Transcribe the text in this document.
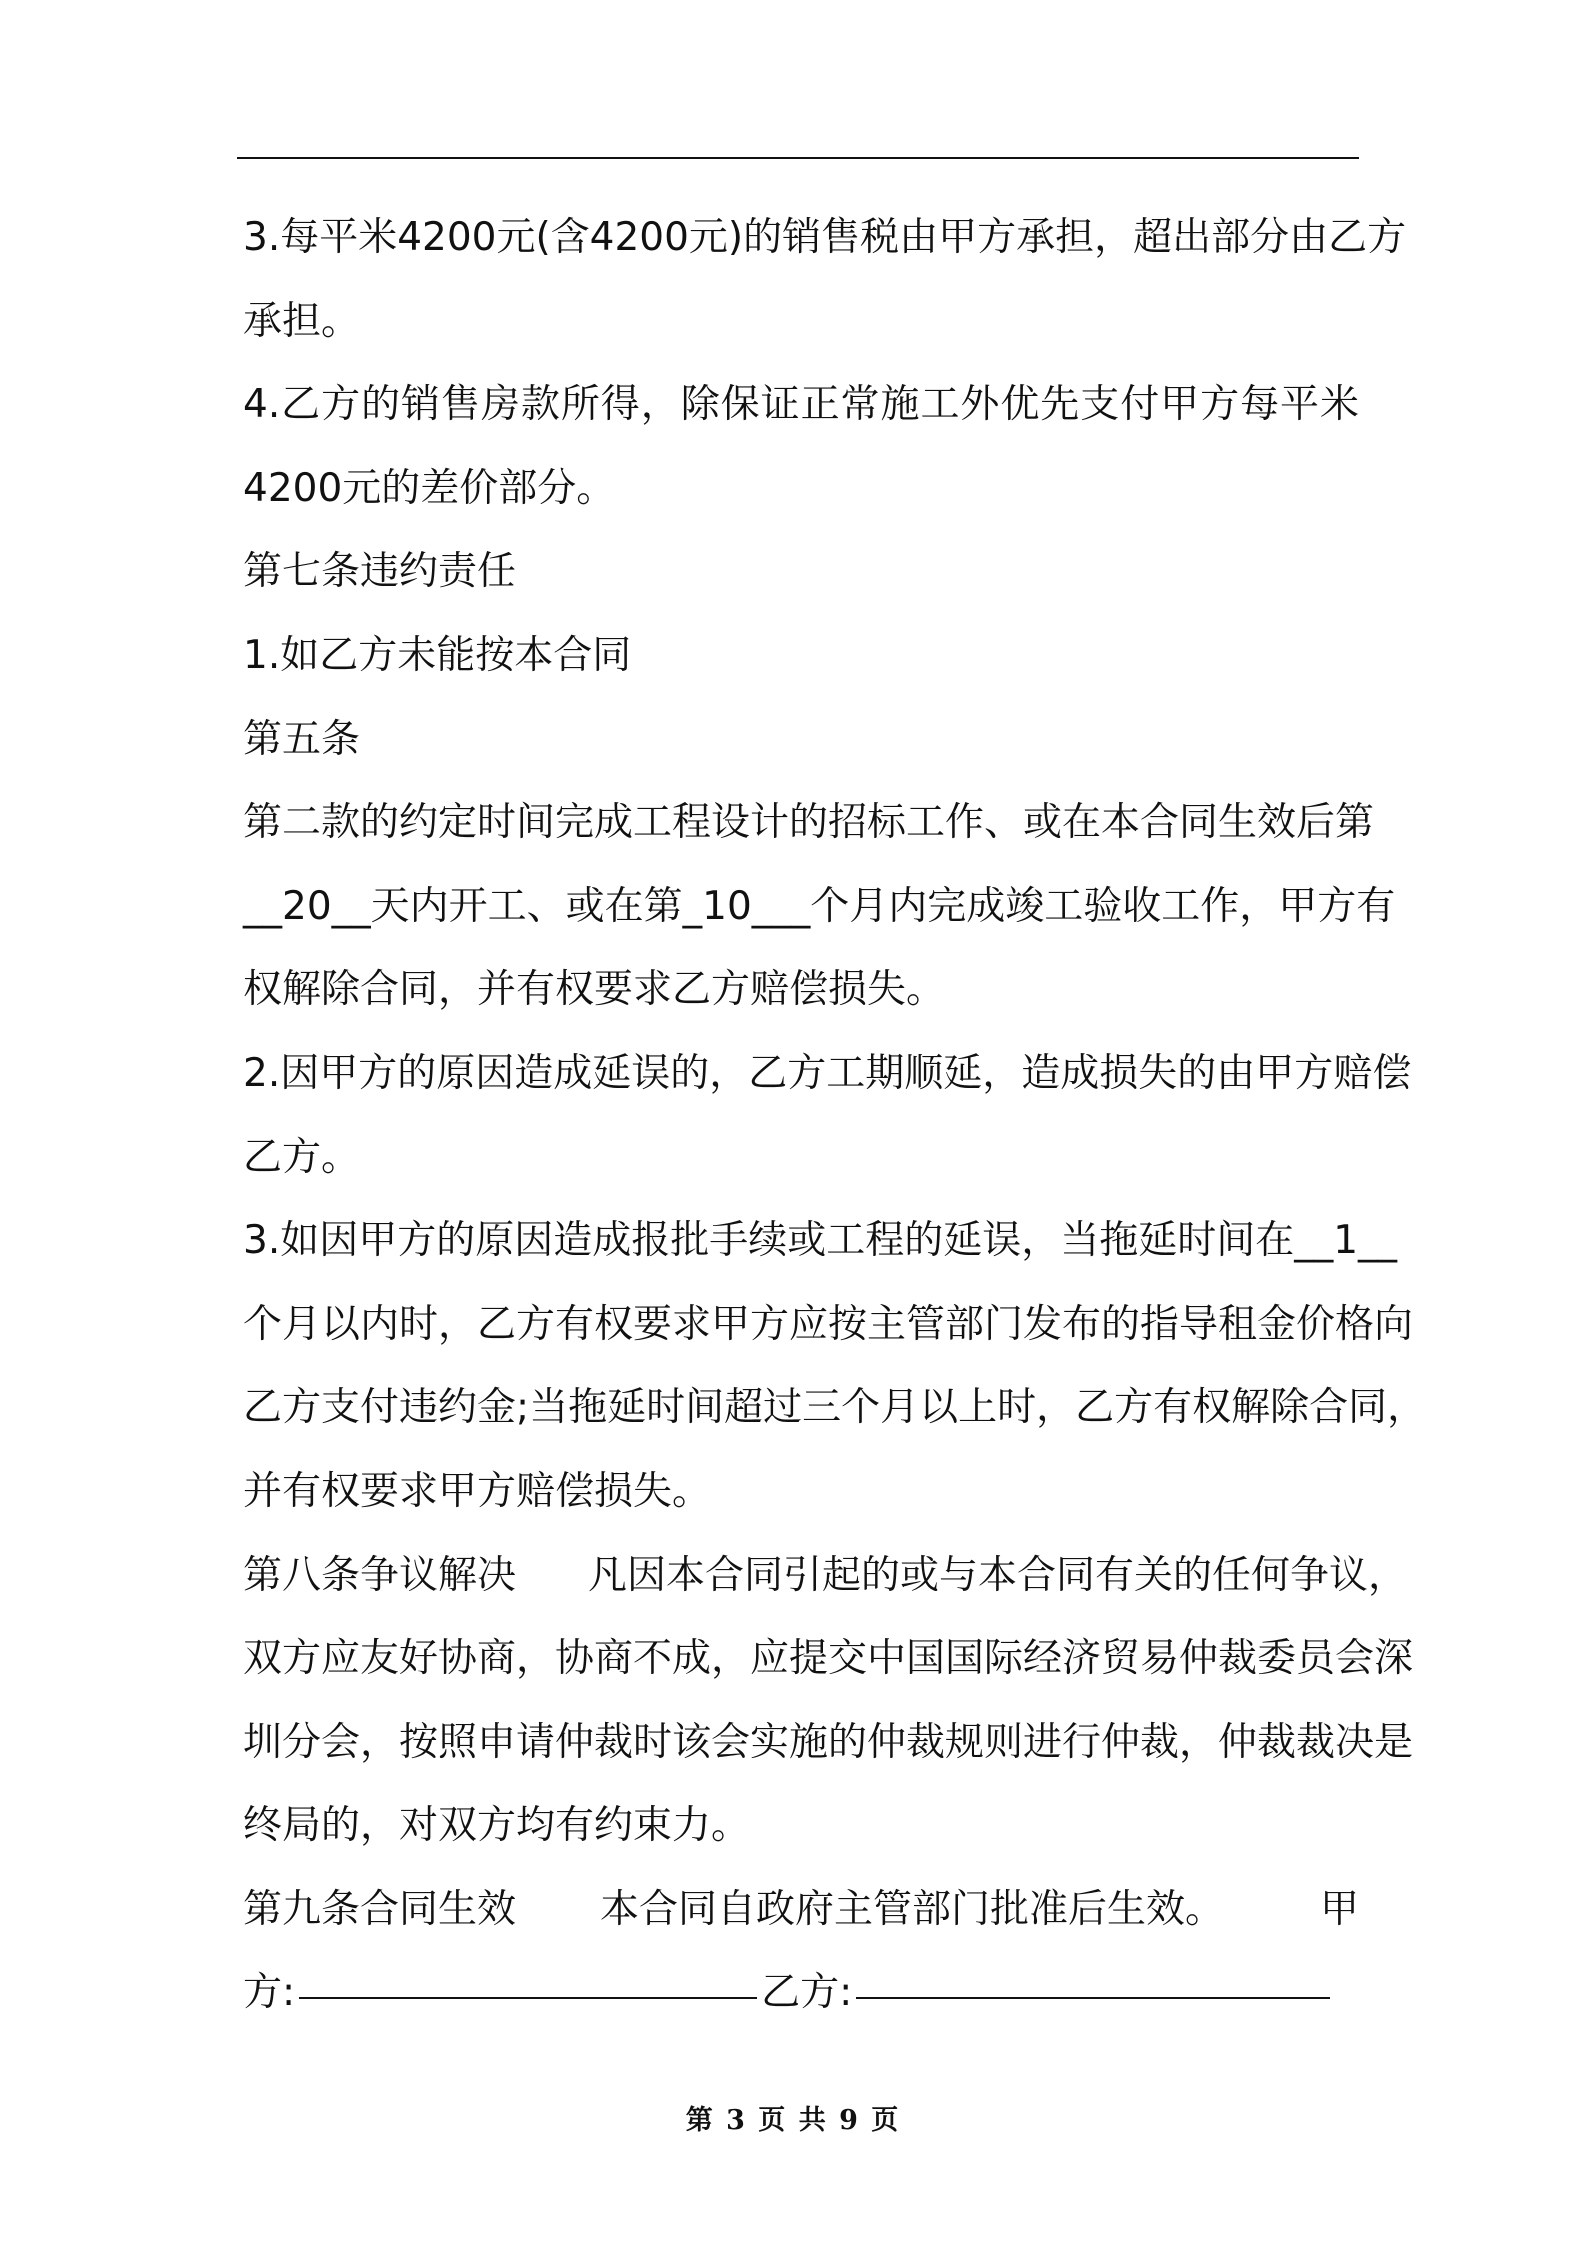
3.每平米4200元(含4200元)的销售税由甲方承担，超出部分由乙方
承担。
4.乙方的销售房款所得，除保证正常施工外优先支付甲方每平米
4200元的差价部分。
第七条违约责任
1.如乙方未能按本合同
第五条
第二款的约定时间完成工程设计的招标工作、或在本合同生效后第
__20__天内开工、或在第_10___个月内完成竣工验收工作，甲方有
权解除合同，并有权要求乙方赔偿损失。
2.因甲方的原因造成延误的，乙方工期顺延，造成损失的由甲方赔偿
乙方。
3.如因甲方的原因造成报批手续或工程的延误，当拖延时间在__1__
个月以内时，乙方有权要求甲方应按主管部门发布的指导租金价格向
乙方支付违约金;当拖延时间超过三个月以上时，乙方有权解除合同，
并有权要求甲方赔偿损失。
第八条争议解决 凡因本合同引起的或与本合同有关的任何争议，
双方应友好协商，协商不成，应提交中国国际经济贸易仲裁委员会深
圳分会，按照申请仲裁时该会实施的仲裁规则进行仲裁，仲裁裁决是
终局的，对双方均有约束力。
第九条合同生效 本合同自政府主管部门批准后生效。 甲
方:	乙方:
第 3 页 共 9 页
